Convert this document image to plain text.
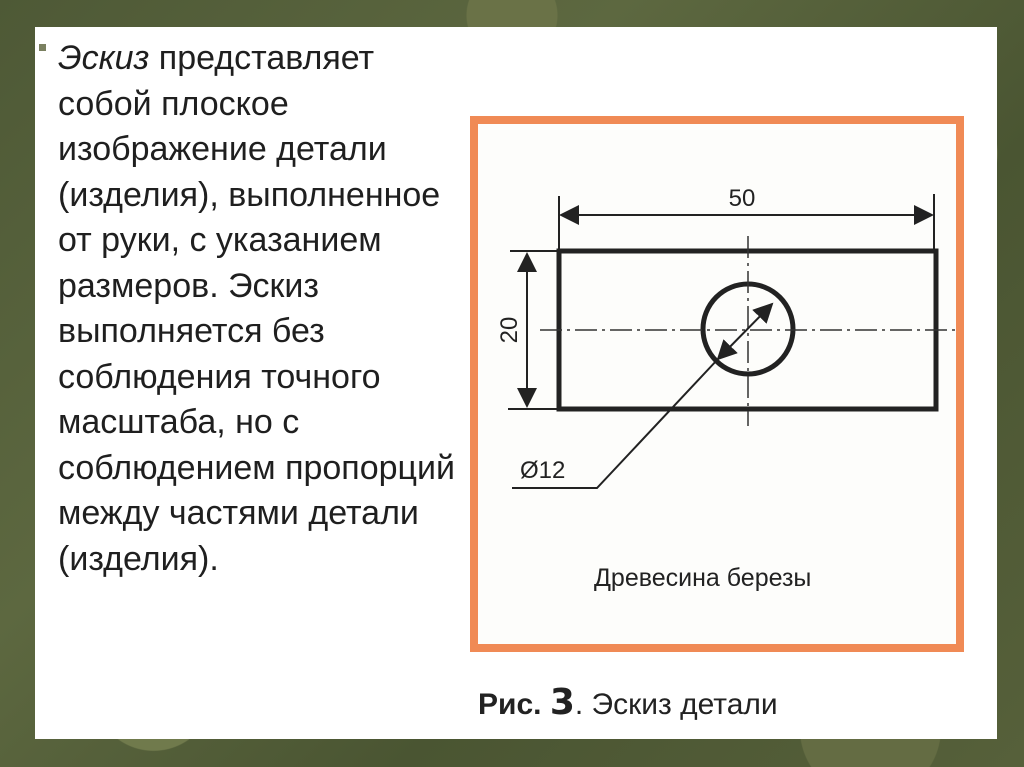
Эскиз представляет собой плоское изображение детали (изделия), выполненное от руки, с указанием размеров. Эскиз выполняется без соблюдения точного масштаба, но с соблюдением пропорций между частями детали (изделия).

50
20
Ø12
Древесина березы
Рис. 3. Эскиз детали
